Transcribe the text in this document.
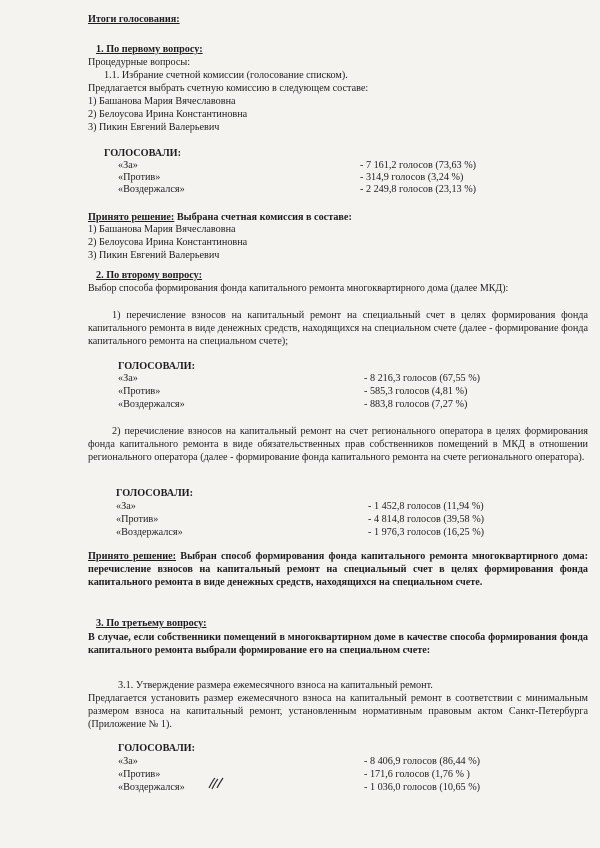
Итоги голосования:
1. По первому вопросу:
Процедурные вопросы:
1.1. Избрание счетной комиссии (голосование списком).
Предлагается выбрать счетную комиссию в следующем составе:
1) Башанова Мария Вячеславовна
2) Белоусова Ирина Константиновна
3) Пикин Евгений Валерьевич
ГОЛОСОВАЛИ:
«За»	- 7 161,2 голосов (73,63 %)
«Против»	- 314,9 голосов (3,24 %)
«Воздержался»	- 2 249,8 голосов (23,13 %)
Принято решение: Выбрана счетная комиссия в составе:
1) Башанова Мария Вячеславовна
2) Белоусова Ирина Константиновна
3) Пикин Евгений Валерьевич
2. По второму вопросу:
Выбор способа формирования фонда капитального ремонта многоквартирного дома (далее МКД):
1) перечисление взносов на капитальный ремонт на специальный счет в целях формирования фонда капитального ремонта в виде денежных средств, находящихся на специальном счете (далее - формирование фонда капитального ремонта на специальном счете);
ГОЛОСОВАЛИ:
«За»	- 8 216,3 голосов (67,55 %)
«Против»	- 585,3 голосов (4,81 %)
«Воздержался»	- 883,8 голосов (7,27 %)
2) перечисление взносов на капитальный ремонт на счет регионального оператора в целях формирования фонда капитального ремонта в виде обязательственных прав собственников помещений в МКД в отношении регионального оператора (далее - формирование фонда капитального ремонта на счете регионального оператора).
ГОЛОСОВАЛИ:
«За»	- 1 452,8 голосов (11,94 %)
«Против»	- 4 814,8 голосов (39,58 %)
«Воздержался»	- 1 976,3 голосов (16,25 %)
Принято решение: Выбран способ формирования фонда капитального ремонта многоквартирного дома: перечисление взносов на капитальный ремонт на специальный счет в целях формирования фонда капитального ремонта в виде денежных средств, находящихся на специальном счете.
3. По третьему вопросу:
В случае, если собственники помещений в многоквартирном доме в качестве способа формирования фонда капитального ремонта выбрали формирование его на специальном счете:
3.1. Утверждение размера ежемесячного взноса на капитальный ремонт.
Предлагается установить размер ежемесячного взноса на капитальный ремонт в соответствии с минимальным размером взноса на капитальный ремонт, установленным нормативным правовым актом Санкт-Петербурга (Приложение № 1).
ГОЛОСОВАЛИ:
«За»	- 8 406,9 голосов (86,44 %)
«Против»	- 171,6 голосов (1,76 % )
«Воздержался»	- 1 036,0 голосов (10,65 %)
